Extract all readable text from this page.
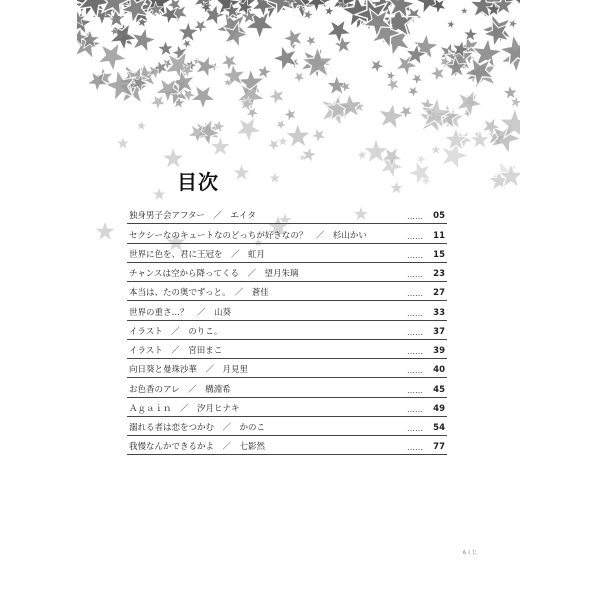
目次
独身男子会アフター　／　エイタ	…… 05
セクシーなのキュートなのどっちが好きなの？　／　杉山かい	…… 11
世界に色を、君に王冠を　／　虹月	…… 15
チャンスは空から降ってくる　／　望月朱璃	…… 23
本当は、たの奥でずっと。　／　蒼佳	…… 27
世界の重さ…？　／　山葵	…… 33
イラスト　／　のりこ。	…… 37
イラスト　／　宮田まこ	…… 39
向日葵と曼珠沙華　／　月見里	…… 40
お色香のアレ　／　構淵希	…… 45
Ａｇａｉｎ　／　汐月ヒナキ	…… 49
溺れる者は恋をつかむ　／　かのこ	…… 54
我慢なんかできるかよ　／　七影然	…… 77
もくじ
